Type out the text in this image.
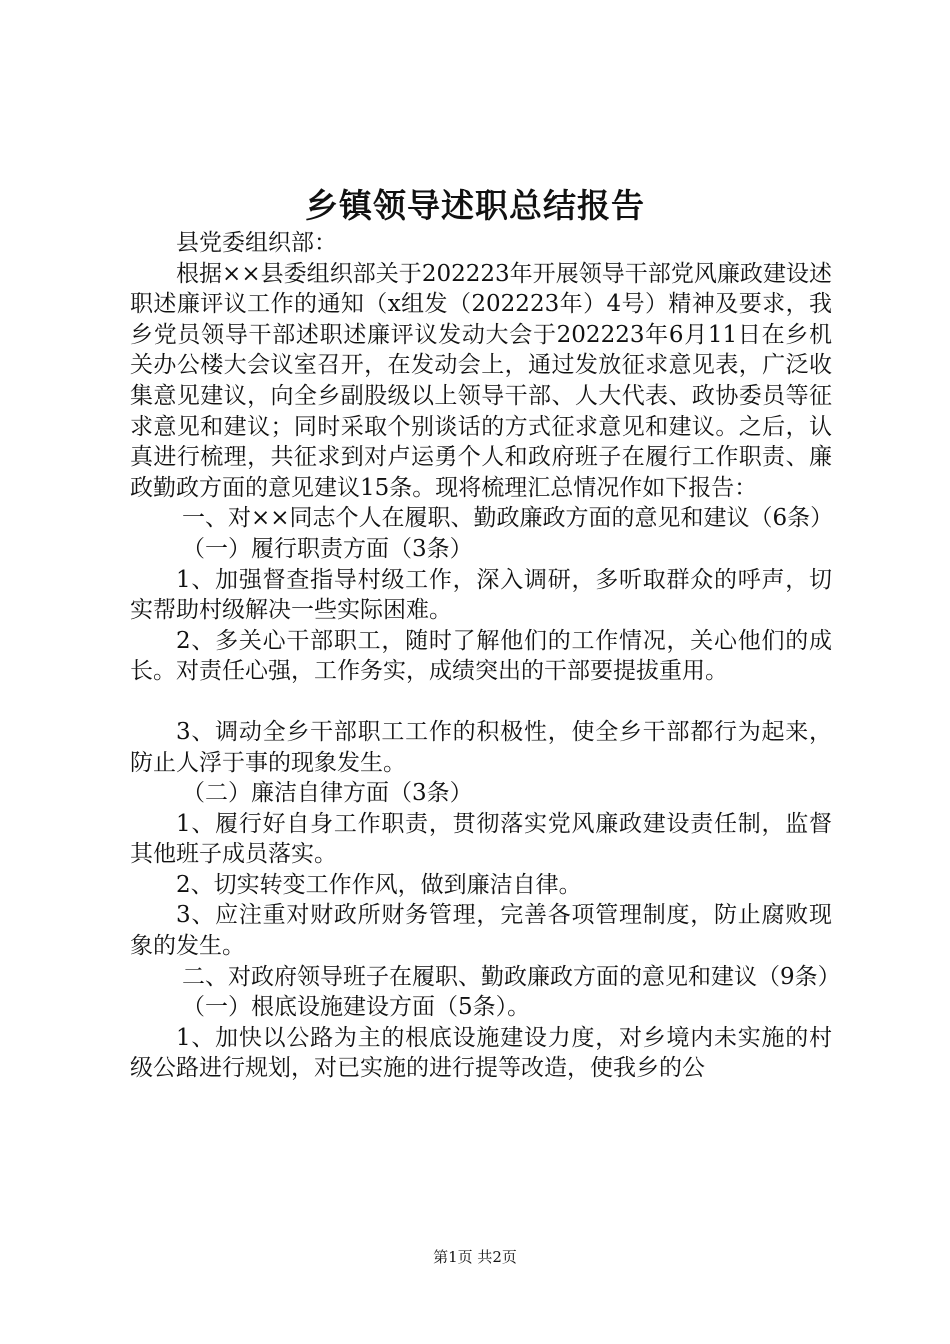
乡镇领导述职总结报告

县党委组织部：

根据××县委组织部关于202223年开展领导干部党风廉政建设述职述廉评议工作的通知（x组发（202223年）4号）精神及要求，我乡党员领导干部述职述廉评议发动大会于202223年6月11日在乡机关办公楼大会议室召开，在发动会上，通过发放征求意见表，广泛收集意见建议，向全乡副股级以上领导干部、人大代表、政协委员等征求意见和建议；同时采取个别谈话的方式征求意见和建议。之后，认真进行梳理，共征求到对卢运勇个人和政府班子在履行工作职责、廉政勤政方面的意见建议15条。现将梳理汇总情况作如下报告：

一、对××同志个人在履职、勤政廉政方面的意见和建议（6条）

（一）履行职责方面（3条）

1、加强督查指导村级工作，深入调研，多听取群众的呼声，切实帮助村级解决一些实际困难。

2、多关心干部职工，随时了解他们的工作情况，关心他们的成长。对责任心强，工作务实，成绩突出的干部要提拔重用。

3、调动全乡干部职工工作的积极性，使全乡干部都行为起来，防止人浮于事的现象发生。

（二）廉洁自律方面（3条）

1、履行好自身工作职责，贯彻落实党风廉政建设责任制，监督其他班子成员落实。

2、切实转变工作作风，做到廉洁自律。

3、应注重对财政所财务管理，完善各项管理制度，防止腐败现象的发生。

二、对政府领导班子在履职、勤政廉政方面的意见和建议（9条）

（一）根底设施建设方面（5条）。

1、加快以公路为主的根底设施建设力度，对乡境内未实施的村级公路进行规划，对已实施的进行提等改造，使我乡的公

第1页 共2页
